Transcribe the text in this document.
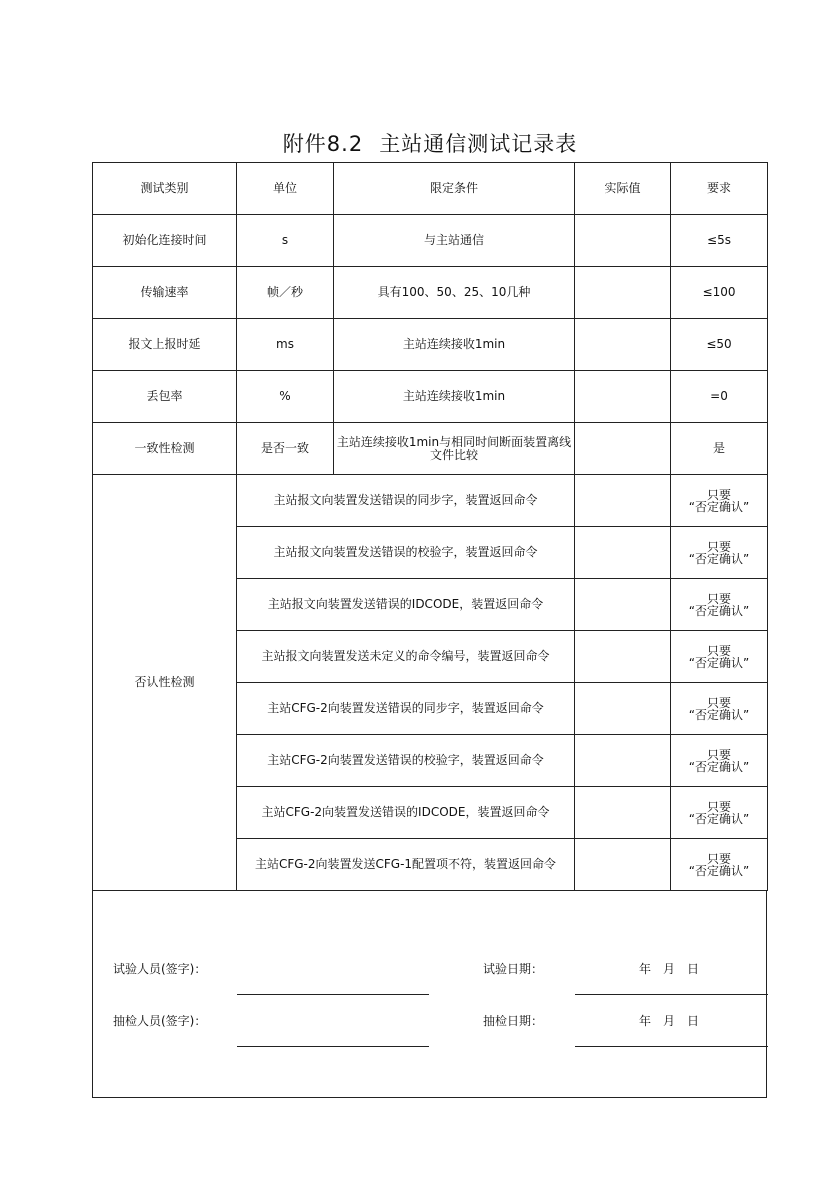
附件8.2 主站通信测试记录表
测试类别	单位	限定条件	实际值	要求
初始化连接时间	s	与主站通信		≤5s
传输速率	帧／秒	具有100、50、25、10几种		≤100
报文上报时延	ms	主站连续接收1min		≤50
丢包率	%	主站连续接收1min		=0
一致性检测	是否一致	主站连续接收1min与相同时间断面装置离线文件比较		是
否认性检测	主站报文向装置发送错误的同步字，装置返回命令			只要
“否定确认”

	主站报文向装置发送错误的校验字，装置返回命令			只要
“否定确认”

	主站报文向装置发送错误的IDCODE，装置返回命令			只要
“否定确认”

	主站报文向装置发送未定义的命令编号，装置返回命令			只要
“否定确认”

	主站CFG-2向装置发送错误的同步字，装置返回命令			只要
“否定确认”

	主站CFG-2向装置发送错误的校验字，装置返回命令			只要
“否定确认”

	主站CFG-2向装置发送错误的IDCODE，装置返回命令			只要
“否定确认”

	主站CFG-2向装置发送CFG-1配置项不符，装置返回命令			只要
“否定确认”
试验人员(签字)：	试验日期：	年　月　日
抽检人员(签字)：	抽检日期：	年　月　日
